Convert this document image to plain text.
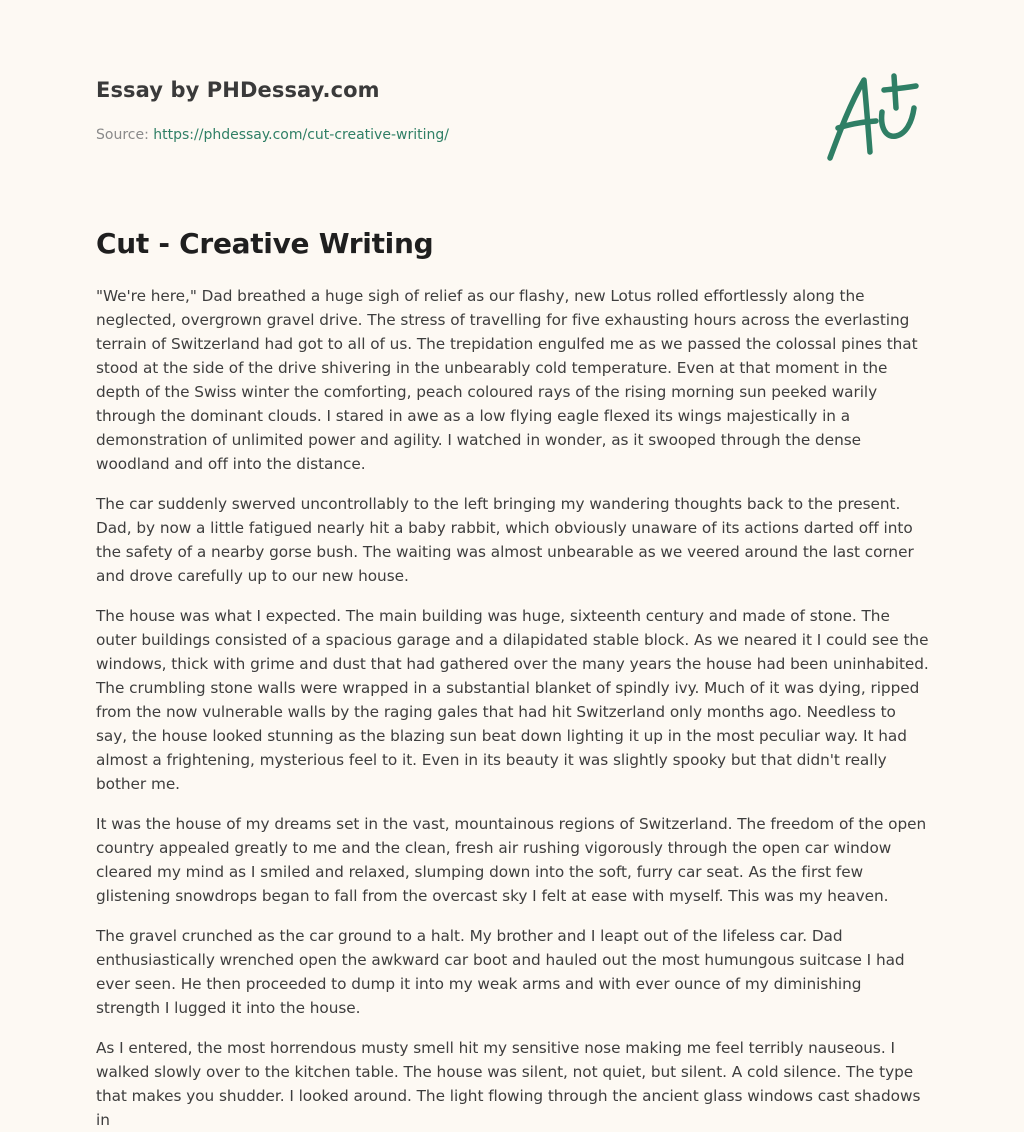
Essay by PHDessay.com
Source: https://phdessay.com/cut-creative-writing/
Cut - Creative Writing

"We're here," Dad breathed a huge sigh of relief as our flashy, new Lotus rolled effortlessly along the neglected, overgrown gravel drive. The stress of travelling for five exhausting hours across the everlasting terrain of Switzerland had got to all of us. The trepidation engulfed me as we passed the colossal pines that stood at the side of the drive shivering in the unbearably cold temperature. Even at that moment in the depth of the Swiss winter the comforting, peach coloured rays of the rising morning sun peeked warily through the dominant clouds. I stared in awe as a low flying eagle flexed its wings majestically in a demonstration of unlimited power and agility. I watched in wonder, as it swooped through the dense woodland and off into the distance.

The car suddenly swerved uncontrollably to the left bringing my wandering thoughts back to the present. Dad, by now a little fatigued nearly hit a baby rabbit, which obviously unaware of its actions darted off into the safety of a nearby gorse bush. The waiting was almost unbearable as we veered around the last corner and drove carefully up to our new house.

The house was what I expected. The main building was huge, sixteenth century and made of stone. The outer buildings consisted of a spacious garage and a dilapidated stable block. As we neared it I could see the windows, thick with grime and dust that had gathered over the many years the house had been uninhabited. The crumbling stone walls were wrapped in a substantial blanket of spindly ivy. Much of it was dying, ripped from the now vulnerable walls by the raging gales that had hit Switzerland only months ago. Needless to say, the house looked stunning as the blazing sun beat down lighting it up in the most peculiar way. It had almost a frightening, mysterious feel to it. Even in its beauty it was slightly spooky but that didn't really bother me.

It was the house of my dreams set in the vast, mountainous regions of Switzerland. The freedom of the open country appealed greatly to me and the clean, fresh air rushing vigorously through the open car window cleared my mind as I smiled and relaxed, slumping down into the soft, furry car seat. As the first few glistening snowdrops began to fall from the overcast sky I felt at ease with myself. This was my heaven.

The gravel crunched as the car ground to a halt. My brother and I leapt out of the lifeless car. Dad enthusiastically wrenched open the awkward car boot and hauled out the most humungous suitcase I had ever seen. He then proceeded to dump it into my weak arms and with ever ounce of my diminishing strength I lugged it into the house.

As I entered, the most horrendous musty smell hit my sensitive nose making me feel terribly nauseous. I walked slowly over to the kitchen table. The house was silent, not quiet, but silent. A cold silence. The type that makes you shudder. I looked around. The light flowing through the ancient glass windows cast shadows in
